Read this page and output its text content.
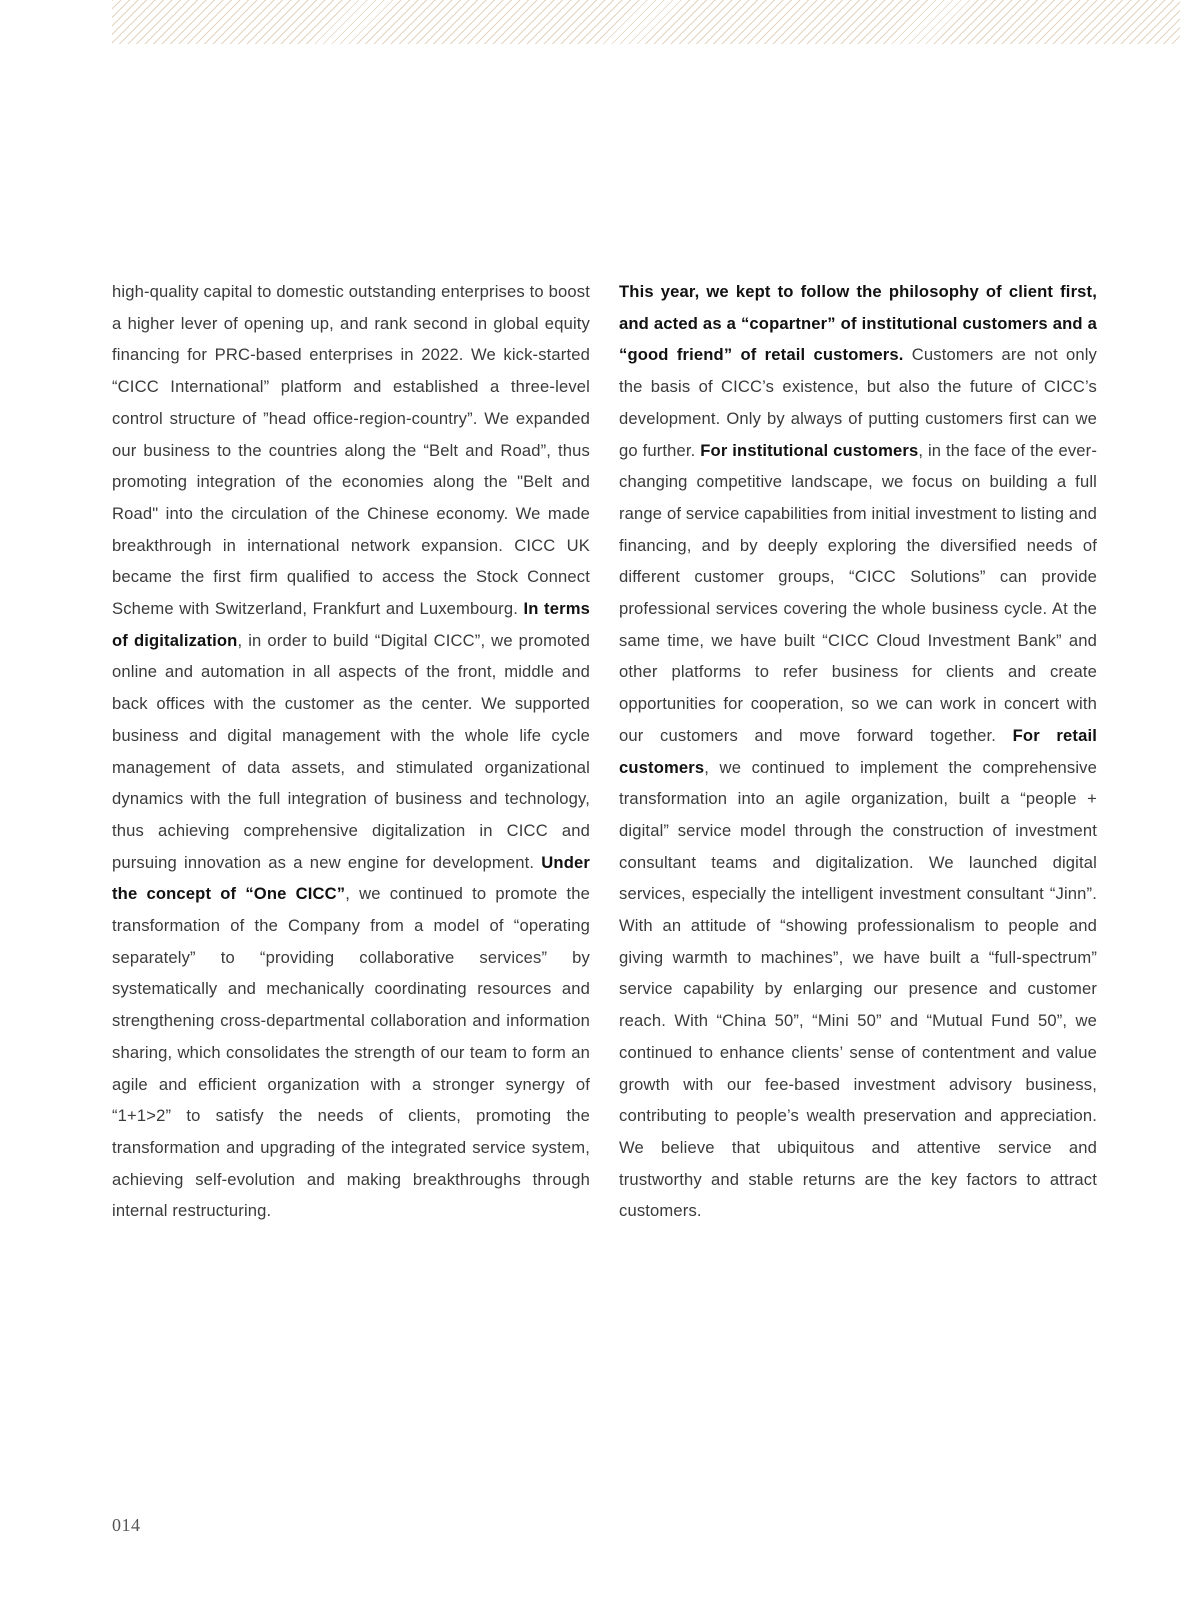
high-quality capital to domestic outstanding enterprises to boost a higher lever of opening up, and rank second in global equity financing for PRC-based enterprises in 2022. We kick-started “CICC International” platform and established a three-level control structure of ”head office-region-country”. We expanded our business to the countries along the “Belt and Road”, thus promoting integration of the economies along the "Belt and Road" into the circulation of the Chinese economy. We made breakthrough in international network expansion. CICC UK became the first firm qualified to access the Stock Connect Scheme with Switzerland, Frankfurt and Luxembourg. In terms of digitalization, in order to build “Digital CICC”, we promoted online and automation in all aspects of the front, middle and back offices with the customer as the center. We supported business and digital management with the whole life cycle management of data assets, and stimulated organizational dynamics with the full integration of business and technology, thus achieving comprehensive digitalization in CICC and pursuing innovation as a new engine for development. Under the concept of “One CICC”, we continued to promote the transformation of the Company from a model of “operating separately” to “providing collaborative services” by systematically and mechanically coordinating resources and strengthening cross-departmental collaboration and information sharing, which consolidates the strength of our team to form an agile and efficient organization with a stronger synergy of “1+1>2” to satisfy the needs of clients, promoting the transformation and upgrading of the integrated service system, achieving self-evolution and making breakthroughs through internal restructuring.

This year, we kept to follow the philosophy of client first, and acted as a “copartner” of institutional customers and a “good friend” of retail customers. Customers are not only the basis of CICC’s existence, but also the future of CICC’s development. Only by always of putting customers first can we go further. For institutional customers, in the face of the ever-changing competitive landscape, we focus on building a full range of service capabilities from initial investment to listing and financing, and by deeply exploring the diversified needs of different customer groups, “CICC Solutions” can provide professional services covering the whole business cycle. At the same time, we have built “CICC Cloud Investment Bank” and other platforms to refer business for clients and create opportunities for cooperation, so we can work in concert with our customers and move forward together. For retail customers, we continued to implement the comprehensive transformation into an agile organization, built a “people + digital” service model through the construction of investment consultant teams and digitalization. We launched digital services, especially the intelligent investment consultant “Jinn”. With an attitude of “showing professionalism to people and giving warmth to machines”, we have built a “full-spectrum” service capability by enlarging our presence and customer reach. With “China 50”, “Mini 50” and “Mutual Fund 50”, we continued to enhance clients’ sense of contentment and value growth with our fee-based investment advisory business, contributing to people’s wealth preservation and appreciation. We believe that ubiquitous and attentive service and trustworthy and stable returns are the key factors to attract customers.

014
